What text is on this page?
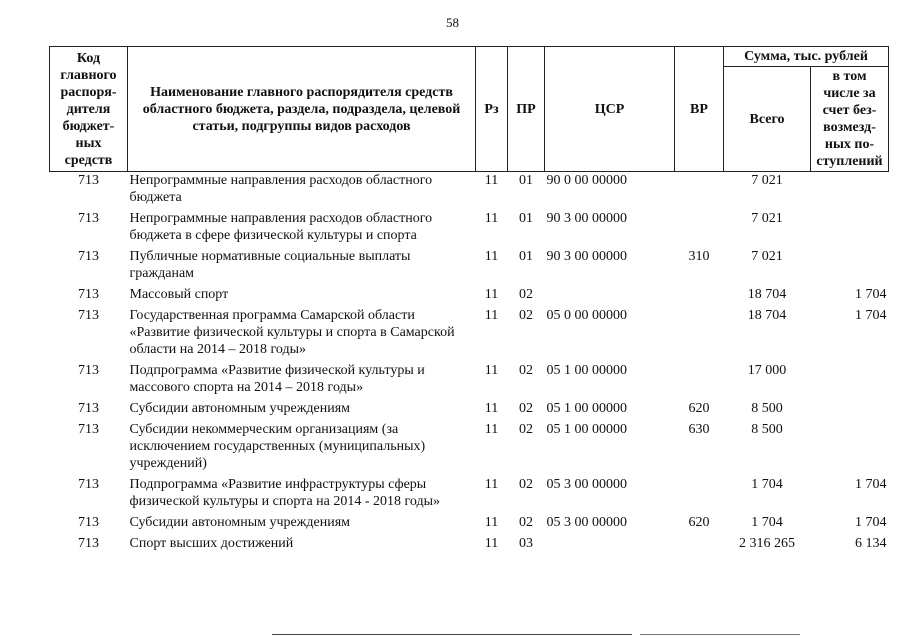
58
Код главного распоря-дителя бюджет-ных средств	Наименование главного распорядителя средств областного бюджета, раздела, подраздела, целевой статьи, подгруппы видов расходов	Рз	ПР	ЦСР	ВР	Сумма, тыс. рублей	
						Всего	в том числе за счет без-возмезд-ных по-ступлений
713	Непрограммные направления расходов областного бюджета	11	01	90 0 00 00000		7 021	
713	Непрограммные направления расходов областного бюджета в сфере физической культуры и спорта	11	01	90 3 00 00000		7 021	
713	Публичные нормативные социальные выплаты гражданам	11	01	90 3 00 00000	310	7 021	
713	Массовый спорт	11	02			18 704	1 704
713	Государственная программа Самарской области «Развитие физической культуры и спорта в Самарской области на 2014 – 2018 годы»	11	02	05 0 00 00000		18 704	1 704
713	Подпрограмма «Развитие физической культуры и массового спорта на 2014 – 2018 годы»	11	02	05 1 00 00000		17 000	
713	Субсидии автономным учреждениям	11	02	05 1 00 00000	620	8 500	
713	Субсидии некоммерческим организациям (за исключением государственных (муниципальных) учреждений)	11	02	05 1 00 00000	630	8 500	
713	Подпрограмма «Развитие инфраструктуры сферы физической культуры и спорта на 2014 - 2018 годы»	11	02	05 3 00 00000		1 704	1 704
713	Субсидии автономным учреждениям	11	02	05 3 00 00000	620	1 704	1 704
713	Спорт высших достижений	11	03			2 316 265	6 134
